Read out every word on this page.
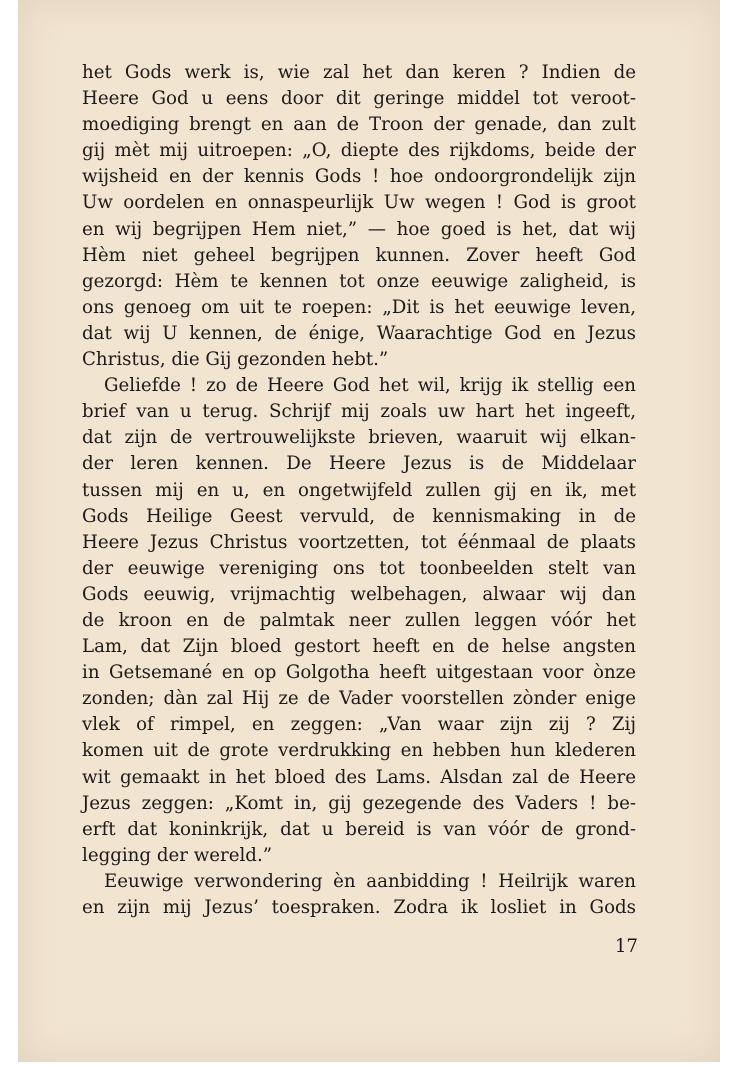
het Gods werk is, wie zal het dan keren ? Indien de
Heere God u eens door dit geringe middel tot veroot-
moediging brengt en aan de Troon der genade, dan zult
gij mèt mij uitroepen: „O, diepte des rijkdoms, beide der
wijsheid en der kennis Gods ! hoe ondoorgrondelijk zijn
Uw oordelen en onnaspeurlijk Uw wegen ! God is groot
en wij begrijpen Hem niet,” — hoe goed is het, dat wij
Hèm niet geheel begrijpen kunnen. Zover heeft God
gezorgd: Hèm te kennen tot onze eeuwige zaligheid, is
ons genoeg om uit te roepen: „Dit is het eeuwige leven,
dat wij U kennen, de énige, Waarachtige God en Jezus
Christus, die Gij gezonden hebt.”
Geliefde ! zo de Heere God het wil, krijg ik stellig een
brief van u terug. Schrijf mij zoals uw hart het ingeeft,
dat zijn de vertrouwelijkste brieven, waaruit wij elkan-
der leren kennen. De Heere Jezus is de Middelaar
tussen mij en u, en ongetwijfeld zullen gij en ik, met
Gods Heilige Geest vervuld, de kennismaking in de
Heere Jezus Christus voortzetten, tot éénmaal de plaats
der eeuwige vereniging ons tot toonbeelden stelt van
Gods eeuwig, vrijmachtig welbehagen, alwaar wij dan
de kroon en de palmtak neer zullen leggen vóór het
Lam, dat Zijn bloed gestort heeft en de helse angsten
in Getsemané en op Golgotha heeft uitgestaan voor ònze
zonden; dàn zal Hij ze de Vader voorstellen zònder enige
vlek of rimpel, en zeggen: „Van waar zijn zij ? Zij
komen uit de grote verdrukking en hebben hun klederen
wit gemaakt in het bloed des Lams. Alsdan zal de Heere
Jezus zeggen: „Komt in, gij gezegende des Vaders ! be-
erft dat koninkrijk, dat u bereid is van vóór de grond-
legging der wereld.”
Eeuwige verwondering èn aanbidding ! Heilrijk waren
en zijn mij Jezus’ toespraken. Zodra ik losliet in Gods
17
